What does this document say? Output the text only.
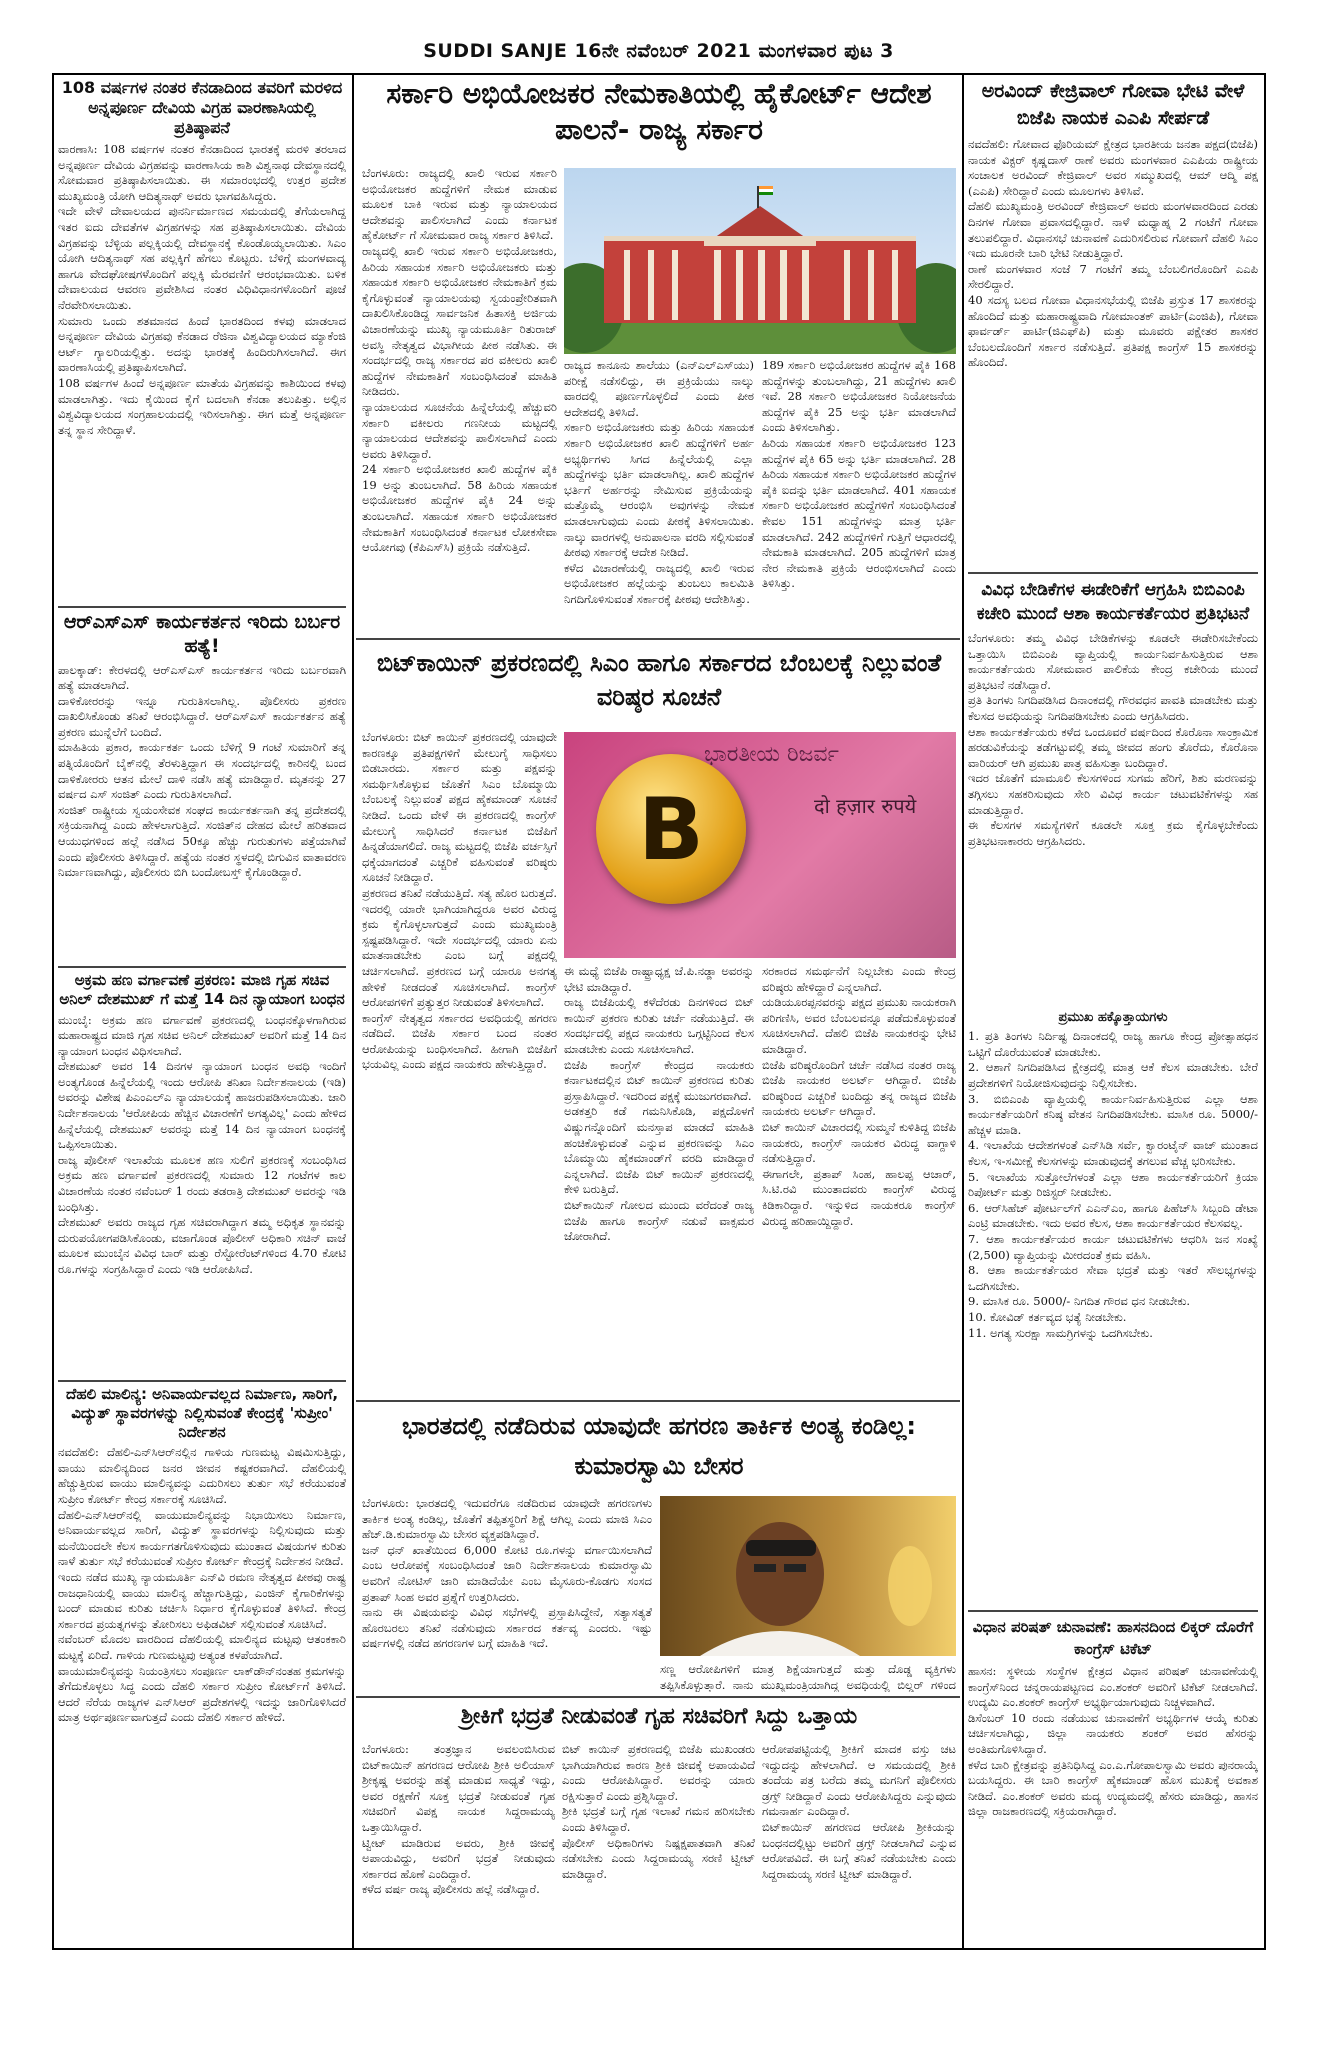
SUDDI SANJE 16ನೇ ನವೆಂಬರ್ 2021 ಮಂಗಳವಾರ ಪುಟ 3
108 ವರ್ಷಗಳ ನಂತರ ಕೆನಡಾದಿಂದ ತವರಿಗೆ ಮರಳಿದ ಅನ್ನಪೂರ್ಣ ದೇವಿಯ ವಿಗ್ರಹ ವಾರಣಾಸಿಯಲ್ಲಿ ಪ್ರತಿಷ್ಠಾಪನೆ
ವಾರಣಾಸಿ: 108 ವರ್ಷಗಳ ನಂತರ ಕೆನಡಾದಿಂದ ಭಾರತಕ್ಕೆ ಮರಳಿ ತರಲಾದ ಅನ್ನಪೂರ್ಣ ದೇವಿಯ ವಿಗ್ರಹವನ್ನು ವಾರಣಾಸಿಯ ಕಾಶಿ ವಿಶ್ವನಾಥ ದೇವಸ್ಥಾನದಲ್ಲಿ ಸೋಮವಾರ ಪ್ರತಿಷ್ಠಾಪಿಸಲಾಯಿತು. ಈ ಸಮಾರಂಭದಲ್ಲಿ ಉತ್ತರ ಪ್ರದೇಶ ಮುಖ್ಯಮಂತ್ರಿ ಯೋಗಿ ಆದಿತ್ಯನಾಥ್ ಅವರು ಭಾಗವಹಿಸಿದ್ದರು.
ಇದೇ ವೇಳೆ ದೇವಾಲಯದ ಪುನರ್ನಿರ್ಮಾಣದ ಸಮಯದಲ್ಲಿ ತೆಗೆಯಲಾಗಿದ್ದ ಇತರ ಐದು ದೇವತೆಗಳ ವಿಗ್ರಹಗಳನ್ನು ಸಹ ಪ್ರತಿಷ್ಠಾಪಿಸಲಾಯಿತು. ದೇವಿಯ ವಿಗ್ರಹವನ್ನು ಬೆಳ್ಳಿಯ ಪಲ್ಲಕ್ಕಿಯಲ್ಲಿ ದೇವಸ್ಥಾನಕ್ಕೆ ಕೊಂಡೊಯ್ಯಲಾಯಿತು. ಸಿಎಂ ಯೋಗಿ ಆದಿತ್ಯನಾಥ್ ಸಹ ಪಲ್ಲಕ್ಕಿಗೆ ಹೆಗಲು ಕೊಟ್ಟರು. ಬೆಳಿಗ್ಗೆ ಮಂಗಳವಾದ್ಯ ಹಾಗೂ ವೇದಘೋಷಗಳೊಂದಿಗೆ ಪಲ್ಲಕ್ಕಿ ಮೆರವಣಿಗೆ ಆರಂಭವಾಯಿತು. ಬಳಿಕ ದೇವಾಲಯದ ಆವರಣ ಪ್ರವೇಶಿಸಿದ ನಂತರ ವಿಧಿವಿಧಾನಗಳೊಂದಿಗೆ ಪೂಜೆ ನೆರವೇರಿಸಲಾಯಿತು.
ಸುಮಾರು ಒಂದು ಶತಮಾನದ ಹಿಂದೆ ಭಾರತದಿಂದ ಕಳವು ಮಾಡಲಾದ ಅನ್ನಪೂರ್ಣ ದೇವಿಯ ವಿಗ್ರಹವು ಕೆನಡಾದ ರೆಜಿನಾ ವಿಶ್ವವಿದ್ಯಾಲಯದ ಮ್ಯಾಕೆಂಜಿ ಆರ್ಟ್ ಗ್ಯಾಲರಿಯಲ್ಲಿತ್ತು. ಅದನ್ನು ಭಾರತಕ್ಕೆ ಹಿಂದಿರುಗಿಸಲಾಗಿದೆ. ಈಗ ವಾರಣಾಸಿಯಲ್ಲಿ ಪ್ರತಿಷ್ಠಾಪಿಸಲಾಗಿದೆ.
108 ವರ್ಷಗಳ ಹಿಂದೆ ಅನ್ನಪೂರ್ಣ ಮಾತೆಯ ವಿಗ್ರಹವನ್ನು ಕಾಶಿಯಿಂದ ಕಳವು ಮಾಡಲಾಗಿತ್ತು. ಇದು ಕೈಯಿಂದ ಕೈಗೆ ಬದಲಾಗಿ ಕೆನಡಾ ತಲುಪಿತ್ತು. ಅಲ್ಲಿನ ವಿಶ್ವವಿದ್ಯಾಲಯದ ಸಂಗ್ರಹಾಲಯದಲ್ಲಿ ಇರಿಸಲಾಗಿತ್ತು. ಈಗ ಮತ್ತೆ ಅನ್ನಪೂರ್ಣ ತನ್ನ ಸ್ಥಾನ ಸೇರಿದ್ದಾಳೆ.
ಆರ್‌ಎಸ್‌ಎಸ್ ಕಾರ್ಯಕರ್ತನ ಇರಿದು ಬರ್ಬರ ಹತ್ಯೆ!
ಪಾಲಕ್ಕಾಡ್: ಕೇರಳದಲ್ಲಿ ಆರ್‌ಎಸ್‌ಎಸ್ ಕಾರ್ಯಕರ್ತನ ಇರಿದು ಬರ್ಬರವಾಗಿ ಹತ್ಯೆ ಮಾಡಲಾಗಿದೆ.
ದಾಳಿಕೋರರನ್ನು ಇನ್ನೂ ಗುರುತಿಸಲಾಗಿಲ್ಲ. ಪೊಲೀಸರು ಪ್ರಕರಣ ದಾಖಲಿಸಿಕೊಂಡು ತನಿಖೆ ಆರಂಭಿಸಿದ್ದಾರೆ. ಆರ್‌ಎಸ್‌ಎಸ್ ಕಾರ್ಯಕರ್ತನ ಹತ್ಯೆ ಪ್ರಕರಣ ಮುನ್ನೆಲೆಗೆ ಬಂದಿದೆ.
ಮಾಹಿತಿಯ ಪ್ರಕಾರ, ಕಾರ್ಯಕರ್ತ ಒಂದು ಬೆಳಿಗ್ಗೆ 9 ಗಂಟೆ ಸುಮಾರಿಗೆ ತನ್ನ ಪತ್ನಿಯೊಂದಿಗೆ ಬೈಕ್‌ನಲ್ಲಿ ತೆರಳುತ್ತಿದ್ದಾಗ ಈ ಸಂದರ್ಭದಲ್ಲಿ ಕಾರಿನಲ್ಲಿ ಬಂದ ದಾಳಿಕೋರರು ಆತನ ಮೇಲೆ ದಾಳಿ ನಡೆಸಿ ಹತ್ಯೆ ಮಾಡಿದ್ದಾರೆ. ಮೃತನನ್ನು 27 ವರ್ಷದ ಎಸ್ ಸಂಜಿತ್ ಎಂದು ಗುರುತಿಸಲಾಗಿದೆ.
ಸಂಜಿತ್ ರಾಷ್ಟ್ರೀಯ ಸ್ವಯಂಸೇವಕ ಸಂಘದ ಕಾರ್ಯಕರ್ತನಾಗಿ ತನ್ನ ಪ್ರದೇಶದಲ್ಲಿ ಸಕ್ರಿಯನಾಗಿದ್ದ ಎಂದು ಹೇಳಲಾಗುತ್ತಿದೆ. ಸಂಜಿತ್‌ನ ದೇಹದ ಮೇಲೆ ಹರಿತವಾದ ಆಯುಧಗಳಿಂದ ಹಲ್ಲೆ ನಡೆಸಿದ 50ಕ್ಕೂ ಹೆಚ್ಚು ಗುರುತುಗಳು ಪತ್ತೆಯಾಗಿವೆ ಎಂದು ಪೊಲೀಸರು ತಿಳಿಸಿದ್ದಾರೆ. ಹತ್ಯೆಯ ನಂತರ ಸ್ಥಳದಲ್ಲಿ ಬಿಗುವಿನ ವಾತಾವರಣ ನಿರ್ಮಾಣವಾಗಿದ್ದು, ಪೊಲೀಸರು ಬಿಗಿ ಬಂದೋಬಸ್ತ್ ಕೈಗೊಂಡಿದ್ದಾರೆ.
ಅಕ್ರಮ ಹಣ ವರ್ಗಾವಣೆ ಪ್ರಕರಣ: ಮಾಜಿ ಗೃಹ ಸಚಿವ ಅನಿಲ್ ದೇಶಮುಖ್ ಗೆ ಮತ್ತೆ 14 ದಿನ ನ್ಯಾಯಾಂಗ ಬಂಧನ
ಮುಂಬೈ: ಅಕ್ರಮ ಹಣ ವರ್ಗಾವಣೆ ಪ್ರಕರಣದಲ್ಲಿ ಬಂಧನಕ್ಕೊಳಗಾಗಿರುವ ಮಹಾರಾಷ್ಟ್ರದ ಮಾಜಿ ಗೃಹ ಸಚಿವ ಅನಿಲ್ ದೇಶಮುಖ್ ಅವರಿಗೆ ಮತ್ತೆ 14 ದಿನ ನ್ಯಾಯಾಂಗ ಬಂಧನ ವಿಧಿಸಲಾಗಿದೆ.
ದೇಶಮುಖ್ ಅವರ 14 ದಿನಗಳ ನ್ಯಾಯಾಂಗ ಬಂಧನ ಅವಧಿ ಇಂದಿಗೆ ಅಂತ್ಯಗೊಂಡ ಹಿನ್ನೆಲೆಯಲ್ಲಿ ಇಂದು ಆರೋಪಿ ತನಿಖಾ ನಿರ್ದೇಶನಾಲಯ (ಇಡಿ) ಅವರನ್ನು ವಿಶೇಷ ಪಿಎಂಎಲ್‌ಎ ನ್ಯಾಯಾಲಯಕ್ಕೆ ಹಾಜರುಪಡಿಸಲಾಯಿತು. ಜಾರಿ ನಿರ್ದೇಶನಾಲಯ 'ಆರೋಪಿಯ ಹೆಚ್ಚಿನ ವಿಚಾರಣೆಗೆ ಅಗತ್ಯವಿಲ್ಲ' ಎಂದು ಹೇಳಿದ ಹಿನ್ನೆಲೆಯಲ್ಲಿ ದೇಶಮುಖ್ ಅವರನ್ನು ಮತ್ತೆ 14 ದಿನ ನ್ಯಾಯಾಂಗ ಬಂಧನಕ್ಕೆ ಒಪ್ಪಿಸಲಾಯಿತು.
ರಾಜ್ಯ ಪೊಲೀಸ್ ಇಲಾಖೆಯ ಮೂಲಕ ಹಣ ಸುಲಿಗೆ ಪ್ರಕರಣಕ್ಕೆ ಸಂಬಂಧಿಸಿದ ಅಕ್ರಮ ಹಣ ವರ್ಗಾವಣೆ ಪ್ರಕರಣದಲ್ಲಿ ಸುಮಾರು 12 ಗಂಟೆಗಳ ಕಾಲ ವಿಚಾರಣೆಯ ನಂತರ ನವೆಂಬರ್ 1 ರಂದು ತಡರಾತ್ರಿ ದೇಶಮುಖ್ ಅವರನ್ನು ಇಡಿ ಬಂಧಿಸಿತ್ತು.
ದೇಶಮುಖ್ ಅವರು ರಾಜ್ಯದ ಗೃಹ ಸಚಿವರಾಗಿದ್ದಾಗ ತಮ್ಮ ಅಧಿಕೃತ ಸ್ಥಾನವನ್ನು ದುರುಪಯೋಗಪಡಿಸಿಕೊಂಡು, ವಜಾಗೊಂಡ ಪೊಲೀಸ್ ಅಧಿಕಾರಿ ಸಚಿನ್ ವಾಜೆ ಮೂಲಕ ಮುಂಬೈನ ವಿವಿಧ ಬಾರ್ ಮತ್ತು ರೆಸ್ಟೋರೆಂಟ್‌ಗಳಿಂದ 4.70 ಕೋಟಿ ರೂ.ಗಳನ್ನು ಸಂಗ್ರಹಿಸಿದ್ದಾರೆ ಎಂದು ಇಡಿ ಆರೋಪಿಸಿದೆ.
ದೆಹಲಿ ಮಾಲಿನ್ಯ: ಅನಿವಾರ್ಯವಲ್ಲದ ನಿರ್ಮಾಣ, ಸಾರಿಗೆ, ವಿದ್ಯುತ್ ಸ್ಥಾವರಗಳನ್ನು ನಿಲ್ಲಿಸುವಂತೆ ಕೇಂದ್ರಕ್ಕೆ 'ಸುಪ್ರೀಂ' ನಿರ್ದೇಶನ
ನವದೆಹಲಿ: ದೆಹಲಿ-ಎನ್‌ಸಿಆರ್‌ನಲ್ಲಿನ ಗಾಳಿಯ ಗುಣಮಟ್ಟ ವಿಷಮಿಸುತ್ತಿದ್ದು, ವಾಯು ಮಾಲಿನ್ಯದಿಂದ ಜನರ ಜೀವನ ಕಷ್ಟಕರವಾಗಿದೆ. ದೆಹಲಿಯಲ್ಲಿ ಹೆಚ್ಚುತ್ತಿರುವ ವಾಯು ಮಾಲಿನ್ಯವನ್ನು ಎದುರಿಸಲು ತುರ್ತು ಸಭೆ ಕರೆಯುವಂತೆ ಸುಪ್ರೀಂ ಕೋರ್ಟ್ ಕೇಂದ್ರ ಸರ್ಕಾರಕ್ಕೆ ಸೂಚಿಸಿದೆ.
ದೆಹಲಿ-ಎನ್‌ಸಿಆರ್‌ನಲ್ಲಿ ವಾಯುಮಾಲಿನ್ಯವನ್ನು ನಿಭಾಯಿಸಲು ನಿರ್ಮಾಣ, ಅನಿವಾರ್ಯವಲ್ಲದ ಸಾರಿಗೆ, ವಿದ್ಯುತ್ ಸ್ಥಾವರಗಳನ್ನು ನಿಲ್ಲಿಸುವುದು ಮತ್ತು ಮನೆಯಿಂದಲೇ ಕೆಲಸ ಕಾರ್ಯಗತಗೊಳಿಸುವುದು ಮುಂತಾದ ವಿಷಯಗಳ ಕುರಿತು ನಾಳೆ ತುರ್ತು ಸಭೆ ಕರೆಯುವಂತೆ ಸುಪ್ರೀಂ ಕೋರ್ಟ್ ಕೇಂದ್ರಕ್ಕೆ ನಿರ್ದೇಶನ ನೀಡಿದೆ.
ಇಂದು ನಡೆದ ಮುಖ್ಯ ನ್ಯಾಯಮೂರ್ತಿ ಎನ್‌ವಿ ರಮಣ ನೇತೃತ್ವದ ಪೀಠವು ರಾಷ್ಟ್ರ ರಾಜಧಾನಿಯಲ್ಲಿ ವಾಯು ಮಾಲಿನ್ಯ ಹೆಚ್ಚಾಗುತ್ತಿದ್ದು, ಎಂಜಿನ್ ಕೈಗಾರಿಕೆಗಳನ್ನು ಬಂದ್ ಮಾಡುವ ಕುರಿತು ಚರ್ಚಿಸಿ ನಿರ್ಧಾರ ಕೈಗೊಳ್ಳುವಂತೆ ತಿಳಿಸಿದೆ. ಕೇಂದ್ರ ಸರ್ಕಾರದ ಪ್ರಯತ್ನಗಳನ್ನು ತೋರಿಸಲು ಅಫಿಡವಿಟ್ ಸಲ್ಲಿಸುವಂತೆ ಸೂಚಿಸಿದೆ.
ನವೆಂಬರ್ ಮೊದಲ ವಾರದಿಂದ ದೆಹಲಿಯಲ್ಲಿ ಮಾಲಿನ್ಯದ ಮಟ್ಟವು ಆತಂಕಕಾರಿ ಮಟ್ಟಕ್ಕೆ ಏರಿದೆ. ಗಾಳಿಯ ಗುಣಮಟ್ಟವು ಅತ್ಯಂತ ಕಳಪೆಯಾಗಿದೆ.
ವಾಯುಮಾಲಿನ್ಯವನ್ನು ನಿಯಂತ್ರಿಸಲು ಸಂಪೂರ್ಣ ಲಾಕ್‌ಡೌನ್‌ನಂತಹ ಕ್ರಮಗಳನ್ನು ತೆಗೆದುಕೊಳ್ಳಲು ಸಿದ್ಧ ಎಂದು ದೆಹಲಿ ಸರ್ಕಾರ ಸುಪ್ರೀಂ ಕೋರ್ಟ್‌ಗೆ ತಿಳಿಸಿದೆ. ಆದರೆ ನೆರೆಯ ರಾಜ್ಯಗಳ ಎನ್‌ಸಿಆರ್ ಪ್ರದೇಶಗಳಲ್ಲಿ ಇದನ್ನು ಜಾರಿಗೊಳಿಸಿದರೆ ಮಾತ್ರ ಅರ್ಥಪೂರ್ಣವಾಗುತ್ತದೆ ಎಂದು ದೆಹಲಿ ಸರ್ಕಾರ ಹೇಳಿದೆ.
ಸರ್ಕಾರಿ ಅಭಿಯೋಜಕರ ನೇಮಕಾತಿಯಲ್ಲಿ ಹೈಕೋರ್ಟ್ ಆದೇಶ ಪಾಲನೆ- ರಾಜ್ಯ ಸರ್ಕಾರ
ಬೆಂಗಳೂರು: ರಾಜ್ಯದಲ್ಲಿ ಖಾಲಿ ಇರುವ ಸರ್ಕಾರಿ ಅಭಿಯೋಜಕರ ಹುದ್ದೆಗಳಿಗೆ ನೇಮಕ ಮಾಡುವ ಮೂಲಕ ಬಾಕಿ ಇರುವ ಮತ್ತು ನ್ಯಾಯಾಲಯದ ಆದೇಶವನ್ನು ಪಾಲಿಸಲಾಗಿದೆ ಎಂದು ಕರ್ನಾಟಕ ಹೈಕೋರ್ಟ್ ಗೆ ಸೋಮವಾರ ರಾಜ್ಯ ಸರ್ಕಾರ ತಿಳಿಸಿದೆ.
ರಾಜ್ಯದಲ್ಲಿ ಖಾಲಿ ಇರುವ ಸರ್ಕಾರಿ ಅಭಿಯೋಜಕರು, ಹಿರಿಯ ಸಹಾಯಕ ಸರ್ಕಾರಿ ಅಭಿಯೋಜಕರು ಮತ್ತು ಸಹಾಯಕ ಸರ್ಕಾರಿ ಅಭಿಯೋಜಕರ ನೇಮಕಾತಿಗೆ ಕ್ರಮ ಕೈಗೊಳ್ಳುವಂತೆ ನ್ಯಾಯಾಲಯವು ಸ್ವಯಂಪ್ರೇರಿತವಾಗಿ ದಾಖಲಿಸಿಕೊಂಡಿದ್ದ ಸಾರ್ವಜನಿಕ ಹಿತಾಸಕ್ತಿ ಅರ್ಜಿಯ ವಿಚಾರಣೆಯನ್ನು ಮುಖ್ಯ ನ್ಯಾಯಮೂರ್ತಿ ರಿತುರಾಜ್ ಅವಸ್ಥಿ ನೇತೃತ್ವದ ವಿಭಾಗೀಯ ಪೀಠ ನಡೆಸಿತು. ಈ ಸಂದರ್ಭದಲ್ಲಿ ರಾಜ್ಯ ಸರ್ಕಾರದ ಪರ ವಕೀಲರು ಖಾಲಿ ಹುದ್ದೆಗಳ ನೇಮಕಾತಿಗೆ ಸಂಬಂಧಿಸಿದಂತೆ ಮಾಹಿತಿ ನೀಡಿದರು.
ನ್ಯಾಯಾಲಯದ ಸೂಚನೆಯ ಹಿನ್ನೆಲೆಯಲ್ಲಿ ಹೆಚ್ಚುವರಿ ಸರ್ಕಾರಿ ವಕೀಲರು ಗಣನೀಯ ಮಟ್ಟದಲ್ಲಿ ನ್ಯಾಯಾಲಯದ ಆದೇಶವನ್ನು ಪಾಲಿಸಲಾಗಿದೆ ಎಂದು ಅವರು ತಿಳಿಸಿದ್ದಾರೆ.
24 ಸರ್ಕಾರಿ ಅಭಿಯೋಜಕರ ಖಾಲಿ ಹುದ್ದೆಗಳ ಪೈಕಿ 19 ಅನ್ನು ತುಂಬಲಾಗಿದೆ. 58 ಹಿರಿಯ ಸಹಾಯಕ ಅಭಿಯೋಜಕರ ಹುದ್ದೆಗಳ ಪೈಕಿ 24 ಅನ್ನು ತುಂಬಲಾಗಿದೆ. ಸಹಾಯಕ ಸರ್ಕಾರಿ ಅಭಿಯೋಜಕರ ನೇಮಕಾತಿಗೆ ಸಂಬಂಧಿಸಿದಂತೆ ಕರ್ನಾಟಕ ಲೋಕಸೇವಾ ಆಯೋಗವು (ಕೆಪಿಎಸ್‌ಸಿ) ಪ್ರಕ್ರಿಯೆ ನಡೆಸುತ್ತಿದೆ.
ರಾಜ್ಯದ ಕಾನೂನು ಶಾಲೆಯು (ಎನ್‌ಎಲ್‌ಎಸ್‌ಯು) ಪರೀಕ್ಷೆ ನಡೆಸಲಿದ್ದು, ಈ ಪ್ರಕ್ರಿಯೆಯು ನಾಲ್ಕು ವಾರದಲ್ಲಿ ಪೂರ್ಣಗೊಳ್ಳಲಿದೆ ಎಂದು ಪೀಠ ಆದೇಶದಲ್ಲಿ ತಿಳಿಸಿದೆ.
ಸರ್ಕಾರಿ ಅಭಿಯೋಜಕರು ಮತ್ತು ಹಿರಿಯ ಸಹಾಯಕ ಸರ್ಕಾರಿ ಅಭಿಯೋಜಕರ ಖಾಲಿ ಹುದ್ದೆಗಳಿಗೆ ಅರ್ಹ ಅಭ್ಯರ್ಥಿಗಳು ಸಿಗದ ಹಿನ್ನೆಲೆಯಲ್ಲಿ ಎಲ್ಲಾ ಹುದ್ದೆಗಳನ್ನು ಭರ್ತಿ ಮಾಡಲಾಗಿಲ್ಲ. ಖಾಲಿ ಹುದ್ದೆಗಳ ಭರ್ತಿಗೆ ಅರ್ಹರನ್ನು ನೇಮಿಸುವ ಪ್ರಕ್ರಿಯೆಯನ್ನು ಮತ್ತೊಮ್ಮೆ ಆರಂಭಿಸಿ ಅವುಗಳನ್ನು ನೇಮಕ ಮಾಡಲಾಗುವುದು ಎಂದು ಪೀಠಕ್ಕೆ ತಿಳಿಸಲಾಯಿತು. ನಾಲ್ಕು ವಾರಗಳಲ್ಲಿ ಅನುಪಾಲನಾ ವರದಿ ಸಲ್ಲಿಸುವಂತೆ ಪೀಠವು ಸರ್ಕಾರಕ್ಕೆ ಆದೇಶ ನೀಡಿದೆ.
ಕಳೆದ ವಿಚಾರಣೆಯಲ್ಲಿ ರಾಜ್ಯದಲ್ಲಿ ಖಾಲಿ ಇರುವ ಅಭಿಯೋಜಕರ ಹಲ್ಲೆಯನ್ನು ತುಂಬಲು ಕಾಲಮಿತಿ ನಿಗದಿಗೊಳಿಸುವಂತೆ ಸರ್ಕಾರಕ್ಕೆ ಪೀಠವು ಆದೇಶಿಸಿತ್ತು.
189 ಸರ್ಕಾರಿ ಅಭಿಯೋಜಕರ ಹುದ್ದೆಗಳ ಪೈಕಿ 168 ಹುದ್ದೆಗಳನ್ನು ತುಂಬಲಾಗಿದ್ದು, 21 ಹುದ್ದೆಗಳು ಖಾಲಿ ಇವೆ. 28 ಸರ್ಕಾರಿ ಅಭಿಯೋಜಕರ ನಿಯೋಜನೆಯ ಹುದ್ದೆಗಳ ಪೈಕಿ 25 ಅನ್ನು ಭರ್ತಿ ಮಾಡಲಾಗಿದೆ ಎಂದು ತಿಳಿಸಲಾಗಿತ್ತು.
ಹಿರಿಯ ಸಹಾಯಕ ಸರ್ಕಾರಿ ಅಭಿಯೋಜಕರ 123 ಹುದ್ದೆಗಳ ಪೈಕಿ 65 ಅನ್ನು ಭರ್ತಿ ಮಾಡಲಾಗಿದೆ. 28 ಹಿರಿಯ ಸಹಾಯಕ ಸರ್ಕಾರಿ ಅಭಿಯೋಜಕರ ಹುದ್ದೆಗಳ ಪೈಕಿ ಐದನ್ನು ಭರ್ತಿ ಮಾಡಲಾಗಿದೆ. 401 ಸಹಾಯಕ ಸರ್ಕಾರಿ ಅಭಿಯೋಜಕರ ಹುದ್ದೆಗಳಿಗೆ ಸಂಬಂಧಿಸಿದಂತೆ ಕೇವಲ 151 ಹುದ್ದೆಗಳನ್ನು ಮಾತ್ರ ಭರ್ತಿ ಮಾಡಲಾಗಿದೆ. 242 ಹುದ್ದೆಗಳಿಗೆ ಗುತ್ತಿಗೆ ಆಧಾರದಲ್ಲಿ ನೇಮಕಾತಿ ಮಾಡಲಾಗಿದೆ. 205 ಹುದ್ದೆಗಳಿಗೆ ಮಾತ್ರ ನೇರ ನೇಮಕಾತಿ ಪ್ರಕ್ರಿಯೆ ಆರಂಭಿಸಲಾಗಿದೆ ಎಂದು ತಿಳಿಸಿತ್ತು.
ಬಿಟ್‌ಕಾಯಿನ್ ಪ್ರಕರಣದಲ್ಲಿ ಸಿಎಂ ಹಾಗೂ ಸರ್ಕಾರದ ಬೆಂಬಲಕ್ಕೆ ನಿಲ್ಲುವಂತೆ ವರಿಷ್ಠರ ಸೂಚನೆ
ಬೆಂಗಳೂರು: ಬಿಟ್ ಕಾಯಿನ್ ಪ್ರಕರಣದಲ್ಲಿ ಯಾವುದೇ ಕಾರಣಕ್ಕೂ ಪ್ರತಿಪಕ್ಷಗಳಿಗೆ ಮೇಲುಗೈ ಸಾಧಿಸಲು ಬಿಡಬಾರದು. ಸರ್ಕಾರ ಮತ್ತು ಪಕ್ಷವನ್ನು ಸಮರ್ಥಿಸಿಕೊಳ್ಳುವ ಜೊತೆಗೆ ಸಿಎಂ ಬೊಮ್ಮಾಯಿ ಬೆಂಬಲಕ್ಕೆ ನಿಲ್ಲುವಂತೆ ಪಕ್ಷದ ಹೈಕಮಾಂಡ್ ಸೂಚನೆ ನೀಡಿದೆ. ಒಂದು ವೇಳೆ ಈ ಪ್ರಕರಣದಲ್ಲಿ ಕಾಂಗ್ರೆಸ್ ಮೇಲುಗೈ ಸಾಧಿಸಿದರೆ ಕರ್ನಾಟಕ ಬಿಜೆಪಿಗೆ ಹಿನ್ನಡೆಯಾಗಲಿದೆ. ರಾಜ್ಯ ಮಟ್ಟದಲ್ಲಿ ಬಿಜೆಪಿ ವರ್ಚಸ್ಸಿಗೆ ಧಕ್ಕೆಯಾಗದಂತೆ ಎಚ್ಚರಿಕೆ ವಹಿಸುವಂತೆ ವರಿಷ್ಠರು ಸೂಚನೆ ನೀಡಿದ್ದಾರೆ.
ಪ್ರಕರಣದ ತನಿಖೆ ನಡೆಯುತ್ತಿದೆ. ಸತ್ಯ ಹೊರ ಬರುತ್ತದೆ. ಇದರಲ್ಲಿ ಯಾರೇ ಭಾಗಿಯಾಗಿದ್ದರೂ ಅವರ ವಿರುದ್ಧ ಕ್ರಮ ಕೈಗೊಳ್ಳಲಾಗುತ್ತದೆ ಎಂದು ಮುಖ್ಯಮಂತ್ರಿ ಸ್ಪಷ್ಟಪಡಿಸಿದ್ದಾರೆ. ಇದೇ ಸಂದರ್ಭದಲ್ಲಿ ಯಾರು ಏನು ಮಾತನಾಡಬೇಕು ಎಂಬ ಬಗ್ಗೆ ಪಕ್ಷದಲ್ಲಿ ಚರ್ಚಿಸಲಾಗಿದೆ. ಪ್ರಕರಣದ ಬಗ್ಗೆ ಯಾರೂ ಅನಗತ್ಯ ಹೇಳಿಕೆ ನೀಡದಂತೆ ಸೂಚಿಸಲಾಗಿದೆ. ಕಾಂಗ್ರೆಸ್ ಆರೋಪಗಳಿಗೆ ಪ್ರತ್ಯುತ್ತರ ನೀಡುವಂತೆ ತಿಳಿಸಲಾಗಿದೆ.
ಕಾಂಗ್ರೆಸ್ ನೇತೃತ್ವದ ಸರ್ಕಾರದ ಅವಧಿಯಲ್ಲಿ ಹಗರಣ ನಡೆದಿದೆ. ಬಿಜೆಪಿ ಸರ್ಕಾರ ಬಂದ ನಂತರ ಆರೋಪಿಯನ್ನು ಬಂಧಿಸಲಾಗಿದೆ. ಹೀಗಾಗಿ ಬಿಜೆಪಿಗೆ ಭಯವಿಲ್ಲ ಎಂದು ಪಕ್ಷದ ನಾಯಕರು ಹೇಳುತ್ತಿದ್ದಾರೆ.
ಭಾರತೀಯ ರಿಜರ್ವ
दो हज़ार रुपये
B
ಈ ಮಧ್ಯೆ ಬಿಜೆಪಿ ರಾಷ್ಟ್ರಾಧ್ಯಕ್ಷ ಜೆ.ಪಿ.ನಡ್ಡಾ ಅವರನ್ನು ಭೇಟಿ ಮಾಡಿದ್ದಾರೆ.
ರಾಜ್ಯ ಬಿಜೆಪಿಯಲ್ಲಿ ಕಳೆದೆರಡು ದಿನಗಳಿಂದ ಬಿಟ್ ಕಾಯಿನ್ ಪ್ರಕರಣ ಕುರಿತು ಚರ್ಚೆ ನಡೆಯುತ್ತಿದೆ. ಈ ಸಂದರ್ಭದಲ್ಲಿ ಪಕ್ಷದ ನಾಯಕರು ಒಗ್ಗಟ್ಟಿನಿಂದ ಕೆಲಸ ಮಾಡಬೇಕು ಎಂದು ಸೂಚಿಸಲಾಗಿದೆ.
ಬಿಜೆಪಿ ಕಾಂಗ್ರೆಸ್ ಕೇಂದ್ರದ ನಾಯಕರು ಕರ್ನಾಟಕದಲ್ಲಿನ ಬಿಟ್ ಕಾಯಿನ್ ಪ್ರಕರಣದ ಕುರಿತು ಪ್ರಸ್ತಾಪಿಸಿದ್ದಾರೆ. ಇದರಿಂದ ಪಕ್ಷಕ್ಕೆ ಮುಜುಗರವಾಗಿದೆ.
ಅಡಕತ್ತರಿ ಕಡೆ ಗಮನಿಸಿಕೊಡಿ, ಪಕ್ಷದೊಳಗೆ ವಿಷ್ಣುಗನ್ನೊಂದಿಗೆ ಮನಸ್ತಾಪ ಮಾಡದೆ ಮಾಹಿತಿ ಹಂಚಿಕೊಳ್ಳುವಂತೆ ಎನ್ನುವ ಪ್ರಕರಣವನ್ನು ಸಿಎಂ ಬೊಮ್ಮಾಯಿ ಹೈಕಮಾಂಡ್‌ಗೆ ವರದಿ ಮಾಡಿದ್ದಾರೆ ಎನ್ನಲಾಗಿದೆ. ಬಿಜೆಪಿ ಬಿಟ್ ಕಾಯಿನ್ ಪ್ರಕರಣದಲ್ಲಿ ಕೇಳಿ ಬರುತ್ತಿದೆ.
ಬಿಟ್‌ಕಾಯಿನ್ ಗೋಲದ ಮುಂದು ವರೆದಂತೆ ರಾಜ್ಯ ಬಿಜೆಪಿ ಹಾಗೂ ಕಾಂಗ್ರೆಸ್ ನಡುವೆ ವಾಕ್ಸಮರ ಜೋರಾಗಿದೆ.
ಸರಕಾರದ ಸಮರ್ಥನೆಗೆ ನಿಲ್ಲಬೇಕು ಎಂದು ಕೇಂದ್ರ ವರಿಷ್ಠರು ಹೇಳಿದ್ದಾರೆ ಎನ್ನಲಾಗಿದೆ.
ಯಡಿಯೂರಪ್ಪನವರನ್ನು ಪಕ್ಷದ ಪ್ರಮುಖ ನಾಯಕರಾಗಿ ಪರಿಗಣಿಸಿ, ಅವರ ಬೆಂಬಲವನ್ನೂ ಪಡೆದುಕೊಳ್ಳುವಂತೆ ಸೂಚಿಸಲಾಗಿದೆ. ದೆಹಲಿ ಬಿಜೆಪಿ ನಾಯಕರನ್ನು ಭೇಟಿ ಮಾಡಿದ್ದಾರೆ.
ಬಿಜೆಪಿ ವರಿಷ್ಠರೊಂದಿಗೆ ಚರ್ಚೆ ನಡೆಸಿದ ನಂತರ ರಾಜ್ಯ ಬಿಜೆಪಿ ನಾಯಕರ ಅಲರ್ಟ್ ಆಗಿದ್ದಾರೆ. ಬಿಜೆಪಿ ವರಿಷ್ಠರಿಂದ ಎಚ್ಚರಿಕೆ ಬಂದಿದ್ದು ತನ್ನ ರಾಜ್ಯದ ಬಿಜೆಪಿ ನಾಯಕರು ಅಲರ್ಟ್ ಆಗಿದ್ದಾರೆ.
ಬಿಟ್ ಕಾಯಿನ್ ವಿಚಾರದಲ್ಲಿ ಸುಮ್ಮನೆ ಕುಳಿತಿದ್ದ ಬಿಜೆಪಿ ನಾಯಕರು, ಕಾಂಗ್ರೆಸ್ ನಾಯಕರ ವಿರುದ್ಧ ವಾಗ್ದಾಳಿ ನಡೆಸುತ್ತಿದ್ದಾರೆ.
ಈಗಾಗಲೇ, ಪ್ರತಾಪ್ ಸಿಂಹ, ಹಾಲಪ್ಪ ಆಚಾರ್, ಸಿ.ಟಿ.ರವಿ ಮುಂತಾದವರು ಕಾಂಗ್ರೆಸ್ ವಿರುದ್ಧ ಕಿಡಿಕಾರಿದ್ದಾರೆ. ಇನ್ನುಳಿದ ನಾಯಕರೂ ಕಾಂಗ್ರೆಸ್ ವಿರುದ್ಧ ಹರಿಹಾಯ್ದಿದ್ದಾರೆ.
ಭಾರತದಲ್ಲಿ ನಡೆದಿರುವ ಯಾವುದೇ ಹಗರಣ ತಾರ್ಕಿಕ ಅಂತ್ಯ ಕಂಡಿಲ್ಲ: ಕುಮಾರಸ್ವಾಮಿ ಬೇಸರ
ಬೆಂಗಳೂರು: ಭಾರತದಲ್ಲಿ ಇದುವರೆಗೂ ನಡೆದಿರುವ ಯಾವುದೇ ಹಗರಣಗಳು ತಾರ್ಕಿಕ ಅಂತ್ಯ ಕಂಡಿಲ್ಲ, ಜೊತೆಗೆ ತಪ್ಪಿತಸ್ಥರಿಗೆ ಶಿಕ್ಷೆ ಆಗಿಲ್ಲ ಎಂದು ಮಾಜಿ ಸಿಎಂ ಹೆಚ್.ಡಿ.ಕುಮಾರಸ್ವಾಮಿ ಬೇಸರ ವ್ಯಕ್ತಪಡಿಸಿದ್ದಾರೆ.
ಜನ್ ಧನ್ ಖಾತೆಯಿಂದ 6,000 ಕೋಟಿ ರೂ.ಗಳನ್ನು ವರ್ಗಾಯಿಸಲಾಗಿದೆ ಎಂಬ ಆರೋಪಕ್ಕೆ ಸಂಬಂಧಿಸಿದಂತೆ ಜಾರಿ ನಿರ್ದೇಶನಾಲಯ ಕುಮಾರಸ್ವಾಮಿ ಅವರಿಗೆ ನೋಟಿಸ್ ಜಾರಿ ಮಾಡಿದೆಯೇ ಎಂಬ ಮೈಸೂರು-ಕೊಡಗು ಸಂಸದ ಪ್ರತಾಪ್ ಸಿಂಹ ಅವರ ಪ್ರಶ್ನೆಗೆ ಉತ್ತರಿಸಿದರು.
ನಾನು ಈ ವಿಷಯವನ್ನು ವಿವಿಧ ಸಭೆಗಳಲ್ಲಿ ಪ್ರಸ್ತಾಪಿಸಿದ್ದೇನೆ, ಸತ್ಯಾಸತ್ಯತೆ ಹೊರಬರಲು ತನಿಖೆ ನಡೆಸುವುದು ಸರ್ಕಾರದ ಕರ್ತವ್ಯ ಎಂದರು. ಇಷ್ಟು ವರ್ಷಗಳಲ್ಲಿ ನಡೆದ ಹಗರಣಗಳ ಬಗ್ಗೆ ಮಾಹಿತಿ ಇದೆ.
ಸಣ್ಣ ಆರೋಪಿಗಳಿಗೆ ಮಾತ್ರ ಶಿಕ್ಷೆಯಾಗುತ್ತದೆ ಮತ್ತು ದೊಡ್ಡ ವ್ಯಕ್ತಿಗಳು ತಪ್ಪಿಸಿಕೊಳ್ಳುತ್ತಾರೆ. ನಾನು ಮುಖ್ಯಮಂತ್ರಿಯಾಗಿದ್ದ ಅವಧಿಯಲ್ಲಿ ಬಿಲ್ಡರ್ ಗಳಿಂದ

ಶ್ರೀಕಿಗೆ ಭದ್ರತೆ ನೀಡುವಂತೆ ಗೃಹ ಸಚಿವರಿಗೆ ಸಿದ್ದು ಒತ್ತಾಯ
ಬೆಂಗಳೂರು: ತಂತ್ರಜ್ಞಾನ ಅವಲಂಬಿಸಿರುವ ಬಿಟ್‌ಕಾಯಿನ್ ಹಗರಣದ ಆರೋಪಿ ಶ್ರೀಕಿ ಅಲಿಯಾಸ್ ಶ್ರೀಕೃಷ್ಣ ಅವರನ್ನು ಹತ್ಯೆ ಮಾಡುವ ಸಾಧ್ಯತೆ ಇದ್ದು, ಅವರ ರಕ್ಷಣೆಗೆ ಸೂಕ್ತ ಭದ್ರತೆ ನೀಡುವಂತೆ ಗೃಹ ಸಚಿವರಿಗೆ ವಿಪಕ್ಷ ನಾಯಕ ಸಿದ್ದರಾಮಯ್ಯ ಒತ್ತಾಯಿಸಿದ್ದಾರೆ.
ಟ್ವೀಟ್ ಮಾಡಿರುವ ಅವರು, ಶ್ರೀಕಿ ಜೀವಕ್ಕೆ ಅಪಾಯವಿದ್ದು, ಅವರಿಗೆ ಭದ್ರತೆ ನೀಡುವುದು ಸರ್ಕಾರದ ಹೊಣೆ ಎಂದಿದ್ದಾರೆ.
ಕಳೆದ ವರ್ಷ ರಾಜ್ಯ ಪೊಲೀಸರು ಹಲ್ಲೆ ನಡೆಸಿದ್ದಾರೆ.
ಬಿಟ್ ಕಾಯಿನ್ ಪ್ರಕರಣದಲ್ಲಿ ಬಿಜೆಪಿ ಮುಖಂಡರು ಭಾಗಿಯಾಗಿರುವ ಕಾರಣ ಶ್ರೀಕಿ ಜೀವಕ್ಕೆ ಅಪಾಯವಿದೆ ಎಂದು ಆರೋಪಿಸಿದ್ದಾರೆ. ಅವರನ್ನು ಯಾರು ರಕ್ಷಿಸುತ್ತಾರೆ ಎಂದು ಪ್ರಶ್ನಿಸಿದ್ದಾರೆ.
ಶ್ರೀಕಿ ಭದ್ರತೆ ಬಗ್ಗೆ ಗೃಹ ಇಲಾಖೆ ಗಮನ ಹರಿಸಬೇಕು ಎಂದು ತಿಳಿಸಿದ್ದಾರೆ.
ಪೊಲೀಸ್ ಅಧಿಕಾರಿಗಳು ನಿಷ್ಪಕ್ಷಪಾತವಾಗಿ ತನಿಖೆ ನಡೆಸಬೇಕು ಎಂದು ಸಿದ್ದರಾಮಯ್ಯ ಸರಣಿ ಟ್ವೀಟ್ ಮಾಡಿದ್ದಾರೆ.
ಆರೋಪಪಟ್ಟಿಯಲ್ಲಿ ಶ್ರೀಕಿಗೆ ಮಾದಕ ವಸ್ತು ಚಟ ಇದ್ದುದನ್ನು ಹೇಳಲಾಗಿದೆ. ಆ ಸಮಯದಲ್ಲಿ ಶ್ರೀಕಿ ತಂದೆಯ ಪತ್ರ ಬರೆದು ತಮ್ಮ ಮಗನಿಗೆ ಪೊಲೀಸರು ಡ್ರಗ್ಸ್ ನೀಡಿದ್ದಾರೆ ಎಂದು ಆರೋಪಿಸಿದ್ದರು ಎನ್ನುವುದು ಗಮನಾರ್ಹ ಎಂದಿದ್ದಾರೆ.
ಬಿಟ್‌ಕಾಯಿನ್ ಹಗರಣದ ಆರೋಪಿ ಶ್ರೀಕಿಯನ್ನು ಬಂಧನದಲ್ಲಿಟ್ಟು ಅವರಿಗೆ ಡ್ರಗ್ಸ್ ನೀಡಲಾಗಿದೆ ಎನ್ನುವ ಆರೋಪವಿದೆ. ಈ ಬಗ್ಗೆ ತನಿಖೆ ನಡೆಯಬೇಕು ಎಂದು ಸಿದ್ದರಾಮಯ್ಯ ಸರಣಿ ಟ್ವೀಟ್ ಮಾಡಿದ್ದಾರೆ.
ಅರವಿಂದ್ ಕೇಜ್ರಿವಾಲ್ ಗೋವಾ ಭೇಟಿ ವೇಳೆ ಬಿಜೆಪಿ ನಾಯಕ ಎಎಪಿ ಸೇರ್ಪಡೆ
ನವದೆಹಲಿ: ಗೋವಾದ ಫೊರಿಯಮ್ ಕ್ಷೇತ್ರದ ಭಾರತೀಯ ಜನತಾ ಪಕ್ಷದ(ಬಿಜೆಪಿ) ನಾಯಕ ವಿಕ್ಟರ್ ಕೃಷ್ಣದಾಸ್ ರಾಣೆ ಅವರು ಮಂಗಳವಾರ ಎಎಪಿಯ ರಾಷ್ಟ್ರೀಯ ಸಂಚಾಲಕ ಅರವಿಂದ್ ಕೇಜ್ರಿವಾಲ್ ಅವರ ಸಮ್ಮುಖದಲ್ಲಿ ಆಮ್ ಆದ್ಮಿ ಪಕ್ಷ (ಎಎಪಿ) ಸೇರಿದ್ದಾರೆ ಎಂದು ಮೂಲಗಳು ತಿಳಿಸಿವೆ.
ದೆಹಲಿ ಮುಖ್ಯಮಂತ್ರಿ ಅರವಿಂದ್ ಕೇಜ್ರಿವಾಲ್ ಅವರು ಮಂಗಳವಾರದಿಂದ ಎರಡು ದಿನಗಳ ಗೋವಾ ಪ್ರವಾಸದಲ್ಲಿದ್ದಾರೆ. ನಾಳೆ ಮಧ್ಯಾಹ್ನ 2 ಗಂಟೆಗೆ ಗೋವಾ ತಲುಪಲಿದ್ದಾರೆ. ವಿಧಾನಸಭೆ ಚುನಾವಣೆ ಎದುರಿಸಲಿರುವ ಗೋವಾಗೆ ದೆಹಲಿ ಸಿಎಂ ಇದು ಮೂರನೇ ಬಾರಿ ಭೇಟಿ ನೀಡುತ್ತಿದ್ದಾರೆ.
ರಾಣೆ ಮಂಗಳವಾರ ಸಂಜೆ 7 ಗಂಟೆಗೆ ತಮ್ಮ ಬೆಂಬಲಿಗರೊಂದಿಗೆ ಎಎಪಿ ಸೇರಲಿದ್ದಾರೆ.
40 ಸದಸ್ಯ ಬಲದ ಗೋವಾ ವಿಧಾನಸಭೆಯಲ್ಲಿ ಬಿಜೆಪಿ ಪ್ರಸ್ತುತ 17 ಶಾಸಕರನ್ನು ಹೊಂದಿದೆ ಮತ್ತು ಮಹಾರಾಷ್ಟ್ರವಾದಿ ಗೋಮಾಂತಕ್ ಪಾರ್ಟಿ(ಎಂಜಿಪಿ), ಗೋವಾ ಫಾರ್ವರ್ಡ್ ಪಾರ್ಟಿ(ಜಿಎಫ್‌ಪಿ) ಮತ್ತು ಮೂವರು ಪಕ್ಷೇತರ ಶಾಸಕರ ಬೆಂಬಲದೊಂದಿಗೆ ಸರ್ಕಾರ ನಡೆಸುತ್ತಿದೆ. ಪ್ರತಿಪಕ್ಷ ಕಾಂಗ್ರೆಸ್ 15 ಶಾಸಕರನ್ನು ಹೊಂದಿದೆ.
ವಿವಿಧ ಬೇಡಿಕೆಗಳ ಈಡೇರಿಕೆಗೆ ಆಗ್ರಹಿಸಿ ಬಿಬಿಎಂಪಿ ಕಚೇರಿ ಮುಂದೆ ಆಶಾ ಕಾರ್ಯಕರ್ತೆಯರ ಪ್ರತಿಭಟನೆ
ಬೆಂಗಳೂರು: ತಮ್ಮ ವಿವಿಧ ಬೇಡಿಕೆಗಳನ್ನು ಕೂಡಲೇ ಈಡೇರಿಸಬೇಕೆಂದು ಒತ್ತಾಯಿಸಿ ಬಿಬಿಎಂಪಿ ವ್ಯಾಪ್ತಿಯಲ್ಲಿ ಕಾರ್ಯನಿರ್ವಹಿಸುತ್ತಿರುವ ಆಶಾ ಕಾರ್ಯಕರ್ತೆಯರು ಸೋಮವಾರ ಪಾಲಿಕೆಯ ಕೇಂದ್ರ ಕಚೇರಿಯ ಮುಂದೆ ಪ್ರತಿಭಟನೆ ನಡೆಸಿದ್ದಾರೆ.
ಪ್ರತಿ ತಿಂಗಳು ನಿಗದಿಪಡಿಸಿದ ದಿನಾಂಕದಲ್ಲಿ ಗೌರವಧನ ಪಾವತಿ ಮಾಡಬೇಕು ಮತ್ತು ಕೆಲಸದ ಅವಧಿಯನ್ನು ನಿಗದಿಪಡಿಸಬೇಕು ಎಂದು ಆಗ್ರಹಿಸಿದರು.
ಆಶಾ ಕಾರ್ಯಕರ್ತೆಯರು ಕಳೆದ ಒಂದೂವರೆ ವರ್ಷದಿಂದ ಕೊರೊನಾ ಸಾಂಕ್ರಾಮಿಕ ಹರಡುವಿಕೆಯನ್ನು ತಡೆಗಟ್ಟುವಲ್ಲಿ ತಮ್ಮ ಜೀವದ ಹಂಗು ತೊರೆದು, ಕೊರೊನಾ ವಾರಿಯರ್ ಆಗಿ ಪ್ರಮುಖ ಪಾತ್ರ ವಹಿಸುತ್ತಾ ಬಂದಿದ್ದಾರೆ.
ಇದರ ಜೊತೆಗೆ ಮಾಮೂಲಿ ಕೆಲಸಗಳಿಂದ ಸುಗಮ ಹೆರಿಗೆ, ಶಿಶು ಮರಣವನ್ನು ತಗ್ಗಿಸಲು ಸಹಕರಿಸುವುದು ಸೇರಿ ವಿವಿಧ ಕಾರ್ಯ ಚಟುವಟಿಕೆಗಳನ್ನು ಸಹ ಮಾಡುತ್ತಿದ್ದಾರೆ.
ಈ ಕೆಲಸಗಳ ಸಮಸ್ಯೆಗಳಿಗೆ ಕೂಡಲೇ ಸೂಕ್ತ ಕ್ರಮ ಕೈಗೊಳ್ಳಬೇಕೆಂದು ಪ್ರತಿಭಟನಾಕಾರರು ಆಗ್ರಹಿಸಿದರು.
ಪ್ರಮುಖ ಹಕ್ಕೊತ್ತಾಯಗಳು
1. ಪ್ರತಿ ತಿಂಗಳು ನಿರ್ದಿಷ್ಟ ದಿನಾಂಕದಲ್ಲಿ ರಾಜ್ಯ ಹಾಗೂ ಕೇಂದ್ರ ಪ್ರೋತ್ಸಾಹಧನ ಒಟ್ಟಿಗೆ ದೊರೆಯುವಂತೆ ಮಾಡಬೇಕು.
2. ಆಶಾಗೆ ನಿಗದಿಪಡಿಸಿದ ಕ್ಷೇತ್ರದಲ್ಲಿ ಮಾತ್ರ ಆಕೆ ಕೆಲಸ ಮಾಡಬೇಕು. ಬೇರೆ ಪ್ರದೇಶಗಳಿಗೆ ನಿಯೋಜಿಸುವುದನ್ನು ನಿಲ್ಲಿಸಬೇಕು.
3. ಬಿಬಿಎಂಪಿ ವ್ಯಾಪ್ತಿಯಲ್ಲಿ ಕಾರ್ಯನಿರ್ವಹಿಸುತ್ತಿರುವ ಎಲ್ಲಾ ಆಶಾ ಕಾರ್ಯಕರ್ತೆಯರಿಗೆ ಕನಿಷ್ಠ ವೇತನ ನಿಗದಿಪಡಿಸಬೇಕು. ಮಾಸಿಕ ರೂ. 5000/- ಹೆಚ್ಚಳ ಮಾಡಿ.
4. ಇಲಾಖೆಯ ಆದೇಶಗಳಂತೆ ಎನ್‌ಸಿಡಿ ಸರ್ವೆ, ಕ್ವಾರಂಟೈನ್ ವಾಚ್ ಮುಂತಾದ ಕೆಲಸ, ಇ-ಸಮೀಕ್ಷೆ ಕೆಲಸಗಳನ್ನು ಮಾಡುವುದಕ್ಕೆ ತಗಲುವ ವೆಚ್ಚ ಭರಿಸಬೇಕು.
5. ಇಲಾಖೆಯ ಸುತ್ತೋಲೆಗಳಂತೆ ಎಲ್ಲಾ ಆಶಾ ಕಾರ್ಯಕರ್ತೆಯರಿಗೆ ಕ್ರಿಯಾ ರಿಪೋರ್ಟ್ ಮತ್ತು ರಿಜಿಸ್ಟರ್ ನೀಡಬೇಕು.
6. ಆರ್‌ಸಿಹೆಚ್ ಪೋರ್ಟಲ್‌ಗೆ ಎಎನ್‌ಎಂ, ಹಾಗೂ ಪಿಹೆಚ್‌ಸಿ ಸಿಬ್ಬಂದಿ ಡೇಟಾ ಎಂಟ್ರಿ ಮಾಡಬೇಕು. ಇದು ಅವರ ಕೆಲಸ, ಆಶಾ ಕಾರ್ಯಕರ್ತೆಯರ ಕೆಲಸವಲ್ಲ.
7. ಆಶಾ ಕಾರ್ಯಕರ್ತೆಯರ ಕಾರ್ಯ ಚಟುವಟಿಕೆಗಳು ಆಧರಿಸಿ ಜನ ಸಂಖ್ಯೆ (2,500) ವ್ಯಾಪ್ತಿಯನ್ನು ಮೀರದಂತೆ ಕ್ರಮ ವಹಿಸಿ.
8. ಆಶಾ ಕಾರ್ಯಕರ್ತೆಯರ ಸೇವಾ ಭದ್ರತೆ ಮತ್ತು ಇತರೆ ಸೌಲಭ್ಯಗಳನ್ನು ಒದಗಿಸಬೇಕು.
9. ಮಾಸಿಕ ರೂ. 5000/- ನಿಗದಿತ ಗೌರವ ಧನ ನೀಡಬೇಕು.
10. ಕೋವಿಡ್ ಕರ್ತವ್ಯದ ಭತ್ಯೆ ನೀಡಬೇಕು.
11. ಅಗತ್ಯ ಸುರಕ್ಷಾ ಸಾಮಗ್ರಿಗಳನ್ನು ಒದಗಿಸಬೇಕು.
ವಿಧಾನ ಪರಿಷತ್ ಚುನಾವಣೆ: ಹಾಸನದಿಂದ ಲಿಕ್ಕರ್ ದೊರೆಗೆ ಕಾಂಗ್ರೆಸ್ ಟಿಕೆಟ್
ಹಾಸನ: ಸ್ಥಳೀಯ ಸಂಸ್ಥೆಗಳ ಕ್ಷೇತ್ರದ ವಿಧಾನ ಪರಿಷತ್ ಚುನಾವಣೆಯಲ್ಲಿ ಕಾಂಗ್ರೆಸ್‌ನಿಂದ ಚನ್ನರಾಯಪಟ್ಟಣದ ಎಂ.ಶಂಕರ್ ಅವರಿಗೆ ಟಿಕೆಟ್ ನೀಡಲಾಗಿದೆ. ಉದ್ಯಮಿ ಎಂ.ಶಂಕರ್ ಕಾಂಗ್ರೆಸ್ ಅಭ್ಯರ್ಥಿಯಾಗುವುದು ನಿಚ್ಚಳವಾಗಿದೆ.
ಡಿಸೆಂಬರ್ 10 ರಂದು ನಡೆಯುವ ಚುನಾವಣೆಗೆ ಅಭ್ಯರ್ಥಿಗಳ ಆಯ್ಕೆ ಕುರಿತು ಚರ್ಚಿಸಲಾಗಿದ್ದು, ಜಿಲ್ಲಾ ನಾಯಕರು ಶಂಕರ್ ಅವರ ಹೆಸರನ್ನು ಅಂತಿಮಗೊಳಿಸಿದ್ದಾರೆ.
ಕಳೆದ ಬಾರಿ ಕ್ಷೇತ್ರವನ್ನು ಪ್ರತಿನಿಧಿಸಿದ್ದ ಎಂ.ಎ.ಗೋಪಾಲಸ್ವಾಮಿ ಅವರು ಪುನರಾಯ್ಕೆ ಬಯಸಿದ್ದರು. ಈ ಬಾರಿ ಕಾಂಗ್ರೆಸ್ ಹೈಕಮಾಂಡ್ ಹೊಸ ಮುಖಕ್ಕೆ ಅವಕಾಶ ನೀಡಿದೆ. ಎಂ.ಶಂಕರ್ ಅವರು ಮದ್ಯ ಉದ್ಯಮದಲ್ಲಿ ಹೆಸರು ಮಾಡಿದ್ದು, ಹಾಸನ ಜಿಲ್ಲಾ ರಾಜಕಾರಣದಲ್ಲಿ ಸಕ್ರಿಯರಾಗಿದ್ದಾರೆ.
